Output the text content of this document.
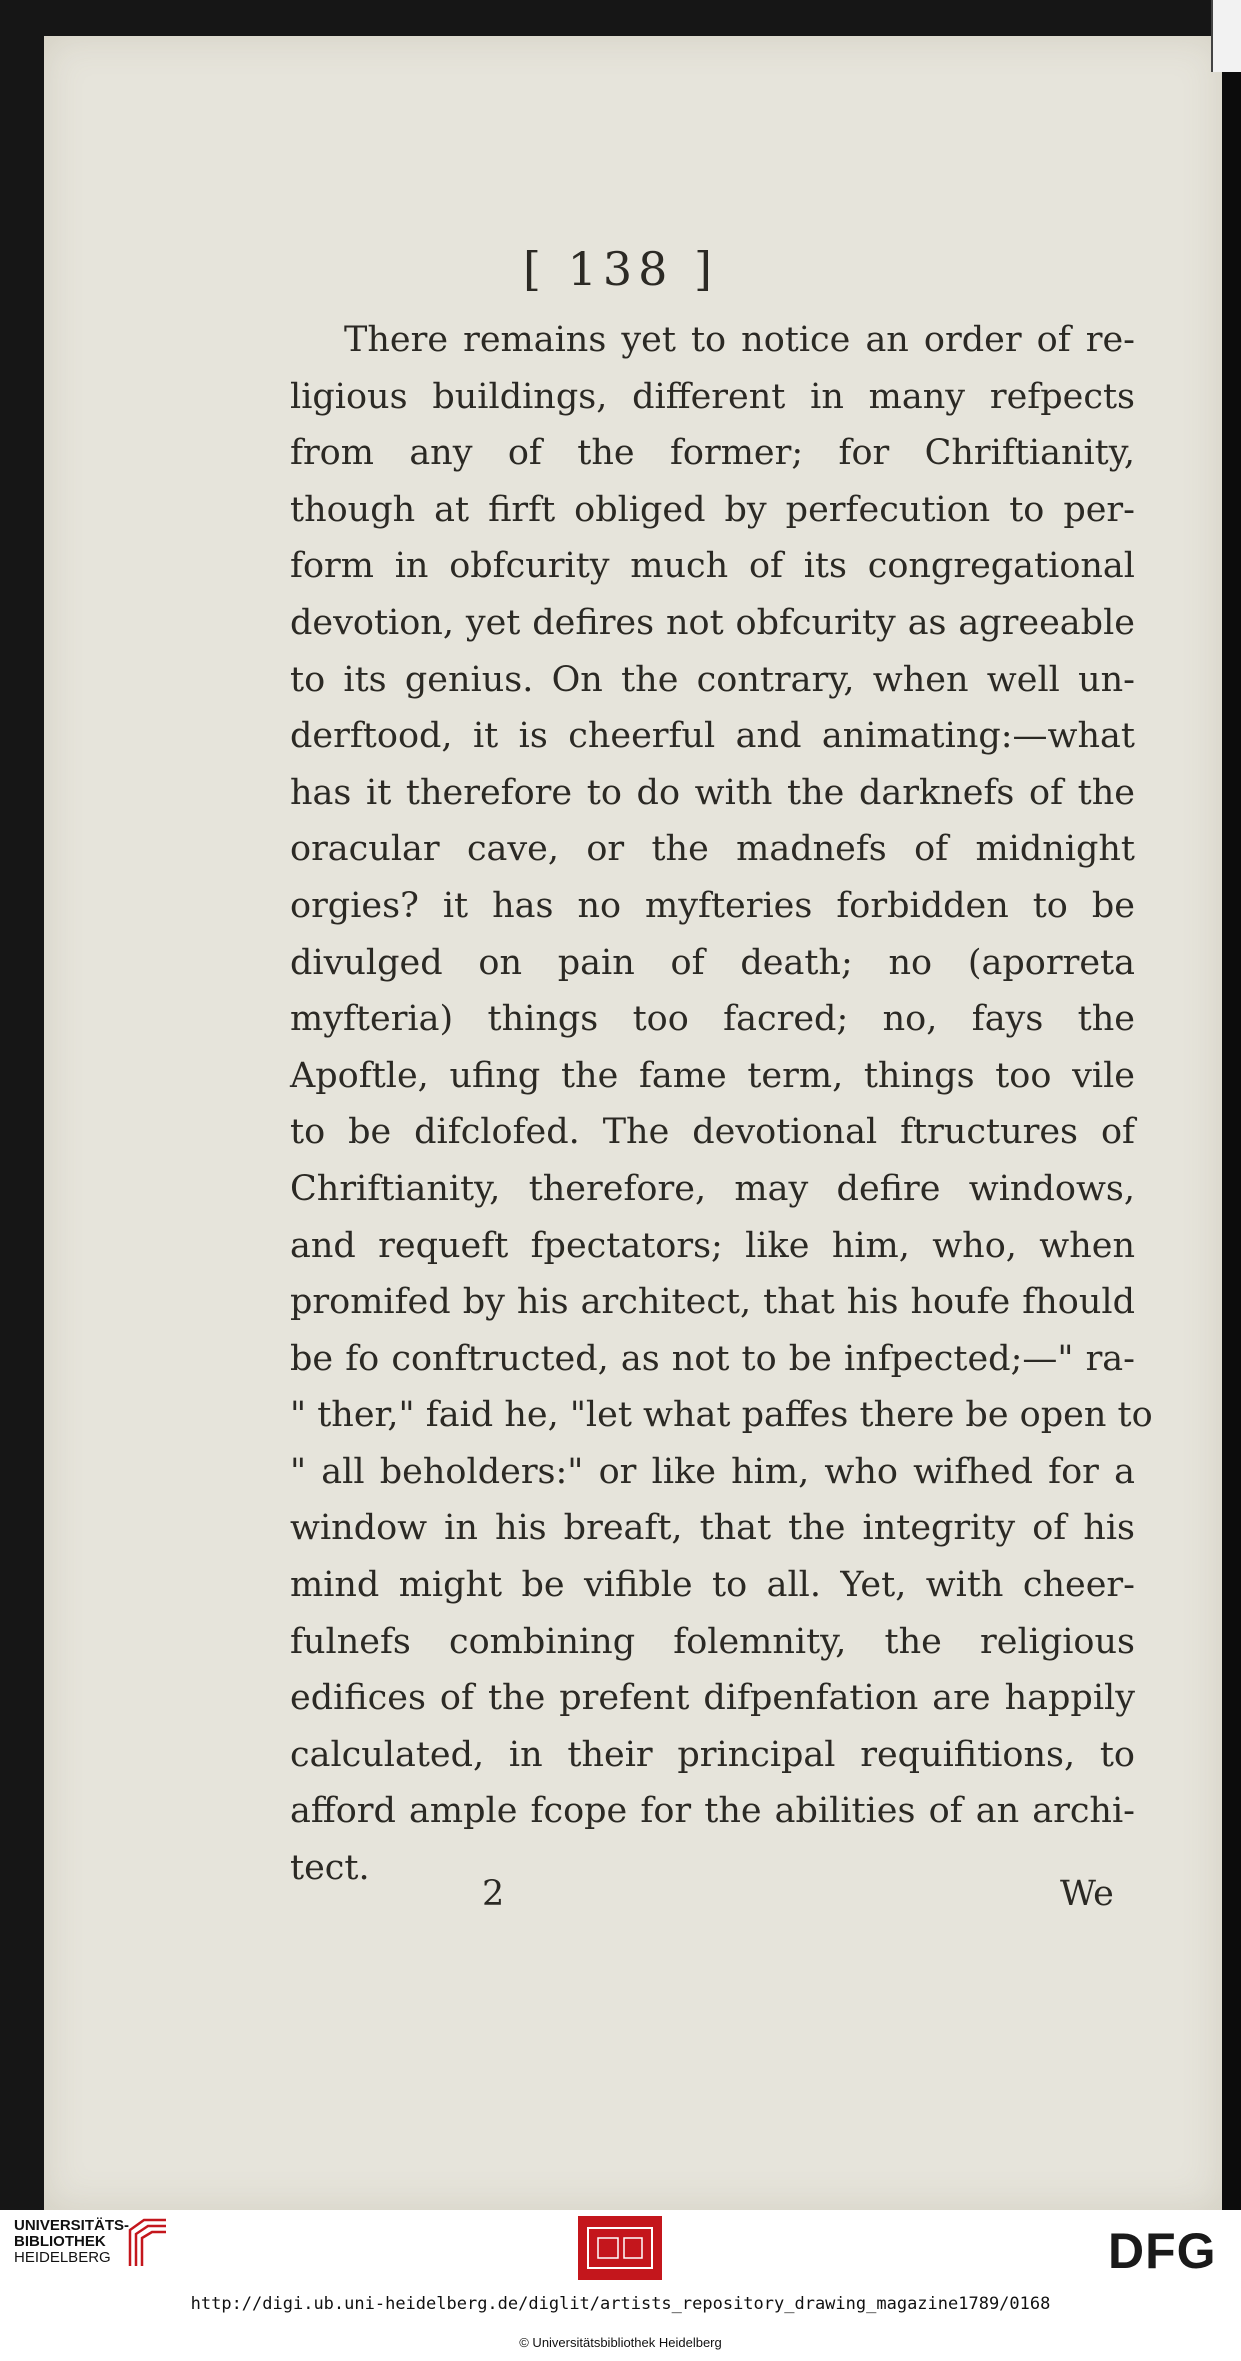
[ 138 ]
There remains yet to notice an order of re-
ligious buildings, different in many refpects
from any of the former; for Chriftianity,
though at firft obliged by perfecution to per-
form in obfcurity much of its congregational
devotion, yet defires not obfcurity as agreeable
to its genius. On the contrary, when well un-
derftood, it is cheerful and animating:—what
has it therefore to do with the darknefs of the
oracular cave, or the madnefs of midnight
orgies? it has no myfteries forbidden to be
divulged on pain of death; no (aporreta
myfteria) things too facred; no, fays the
Apoftle, ufing the fame term, things too vile
to be difclofed. The devotional ftructures of
Chriftianity, therefore, may defire windows,
and requeft fpectators; like him, who, when
promifed by his architect, that his houfe fhould
be fo conftructed, as not to be infpected;—" ra-
" ther," faid he, "let what paffes there be open to
" all beholders:" or like him, who wifhed for a
window in his breaft, that the integrity of his
mind might be vifible to all. Yet, with cheer-
fulnefs combining folemnity, the religious
edifices of the prefent difpenfation are happily
calculated, in their principal requifitions, to
afford ample fcope for the abilities of an archi-
tect.
2	We
UNIVERSITÄTS-
BIBLIOTHEK
HEIDELBERG	DFG
http://digi.ub.uni-heidelberg.de/diglit/artists_repository_drawing_magazine1789/0168
© Universitätsbibliothek Heidelberg
